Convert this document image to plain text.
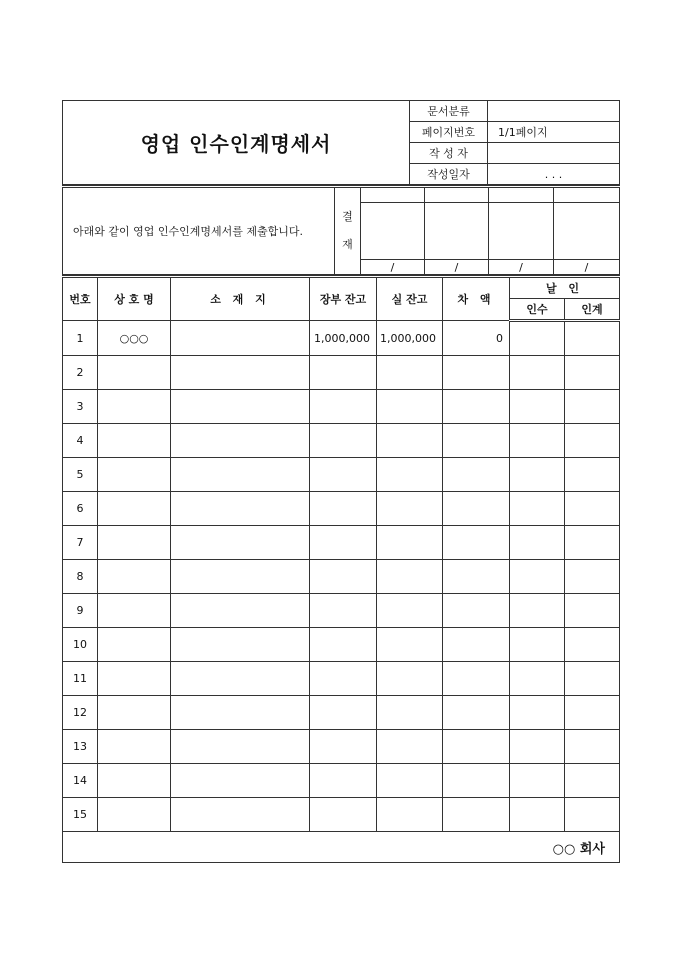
영업 인수인계명세서	문서분류	
	페이지번호	1/1페이지
	작 성 자	
	작성일자	. . .
아래와 같이 영업 인수인계명세서를 제출합니다.	결
재				

		/	/	/	/
번호	상 호 명	소 재 지	장부 잔고	실 잔고	차 액	날 인	
						인수	인계
1	○○○		1,000,000	1,000,000	0		
2							
3							
4							
5							
6							
7							
8							
9							
10							
11							
12							
13							
14							
15							
○○ 회사							
